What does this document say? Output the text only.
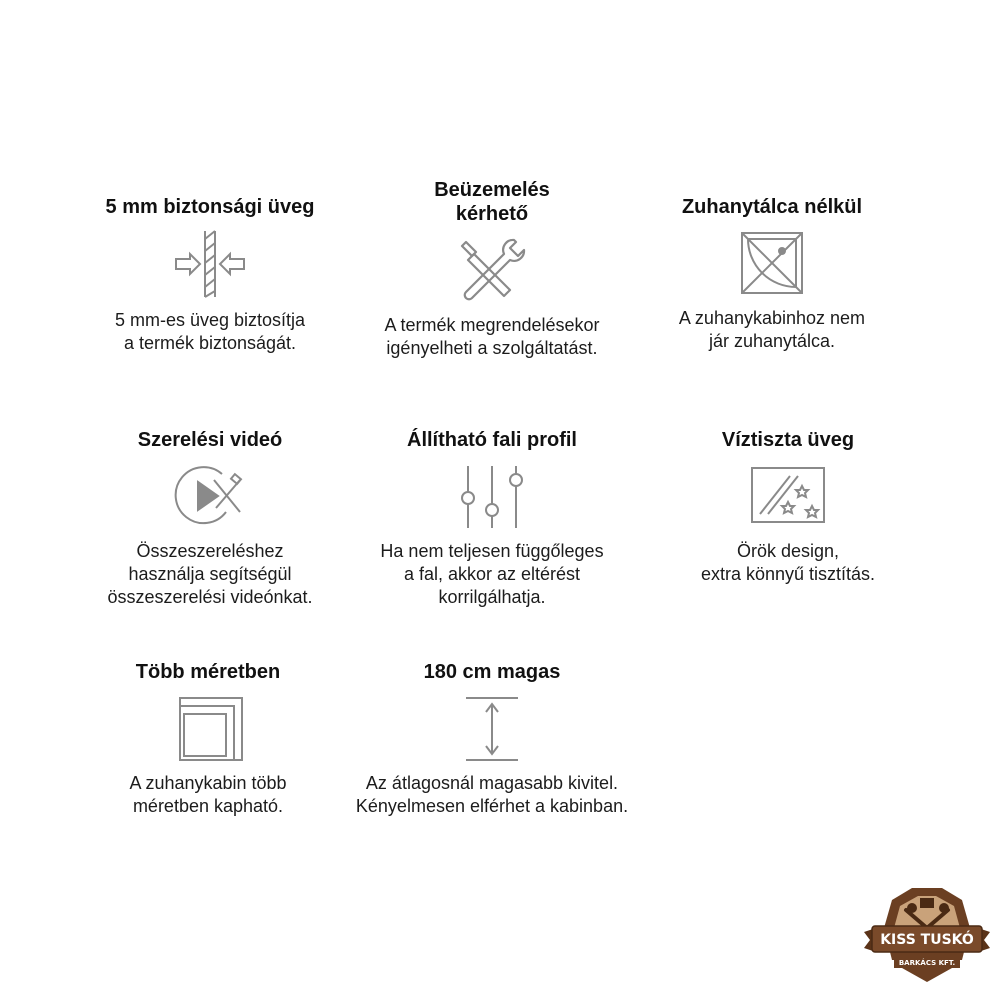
5 mm biztonsági üveg

5 mm-es üveg biztosítja
a termék biztonságát.

Beüzemelés
kérhető

A termék megrendelésekor
igényelheti a szolgáltatást.

Zuhanytálca nélkül

A zuhanykabinhoz nem
jár zuhanytálca.

Szerelési videó

Összeszereléshez
használja segítségül
összeszerelési videónkat.

Állítható fali profil

Ha nem teljesen függőleges
a fal, akkor az eltérést
korrilgálhatja.

Víztiszta üveg

Örök design,
extra könnyű tisztítás.

Több méretben

A zuhanykabin több
méretben kapható.

180 cm magas

Az átlagosnál magasabb kivitel.
Kényelmesen elférhet a kabinban.

KISS TUSKÓ
BARKÁCS KFT.
